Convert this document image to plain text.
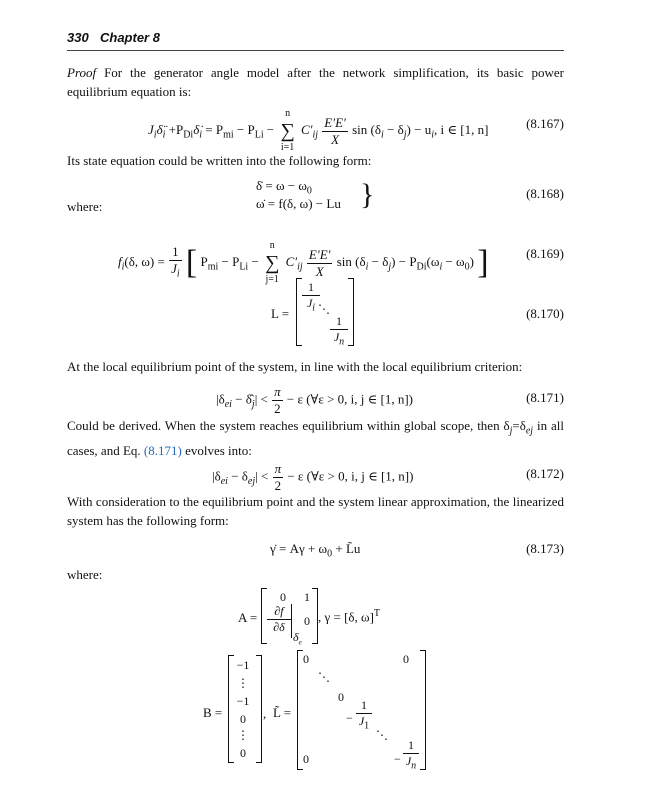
330 Chapter 8
Proof For the generator angle model after the network simplification, its basic power equilibrium equation is:
$J_i\deltä_i$ $+P_{Di}\deltȧ_i = P_{mi} - P_{Li}$ −
n
∑
i=1
$C'_{ij} \frac{E'E'}{X}$ $\sin (\delta_i - \delta_j) - u_i$, i ∈ [1, n]	(8.167)
Its state equation could be written into the following form:
δ̇ = $\omega - \omega_0$
ω̇ = f(δ, ω) − Lu }	(8.168)
where:
$f_i(\delta$, $\omega) = \frac{1}{J_i}$ [ $P_{mi} - P_{Li}$ −
n
∑
j=1
$C'_{ij} \frac{E'E'}{X}$ $\sin (\delta_i - \delta_j) - P_{Di}(\omega_i - \omega_0)$ ]	(8.169)
L =
1
$J_i$ ⋱
1
$J_n$
(8.170)
At the local equilibrium point of the system, in line with the local equilibrium criterion:
$|\delta_{ei}$ − $\deltâ_j| < \frac{\pi}{2} - \varepsilon$ (∀ε > 0, i, j ∈ [1, n])	(8.171)
Could be derived. When the system reaches equilibrium within global scope, then $\delta_j=\delta_{ej}$ in all cases, and Eq. (8.171) evolves into:
$|\delta_{ei} - \delta_{ej}| < \frac{\pi}{2} - \varepsilon$ (∀ε > 0, i, j ∈ [1, n])	(8.172)
With consideration to the equilibrium point and the system linear approximation, the linearized system has the following form:
γ̇ = $A\gamma + \omega_0$ + L̃u	(8.173)
where:
A =
0 1
∂f
∂δ
$\delta_e$
0 , γ = [δ, ω]$^T$
B =
−1
⋮
−1
0
⋮
0
, L̃ =
0	0
⋱
0
−
1
$J_1$
⋱
0	−
1
$J_n$
